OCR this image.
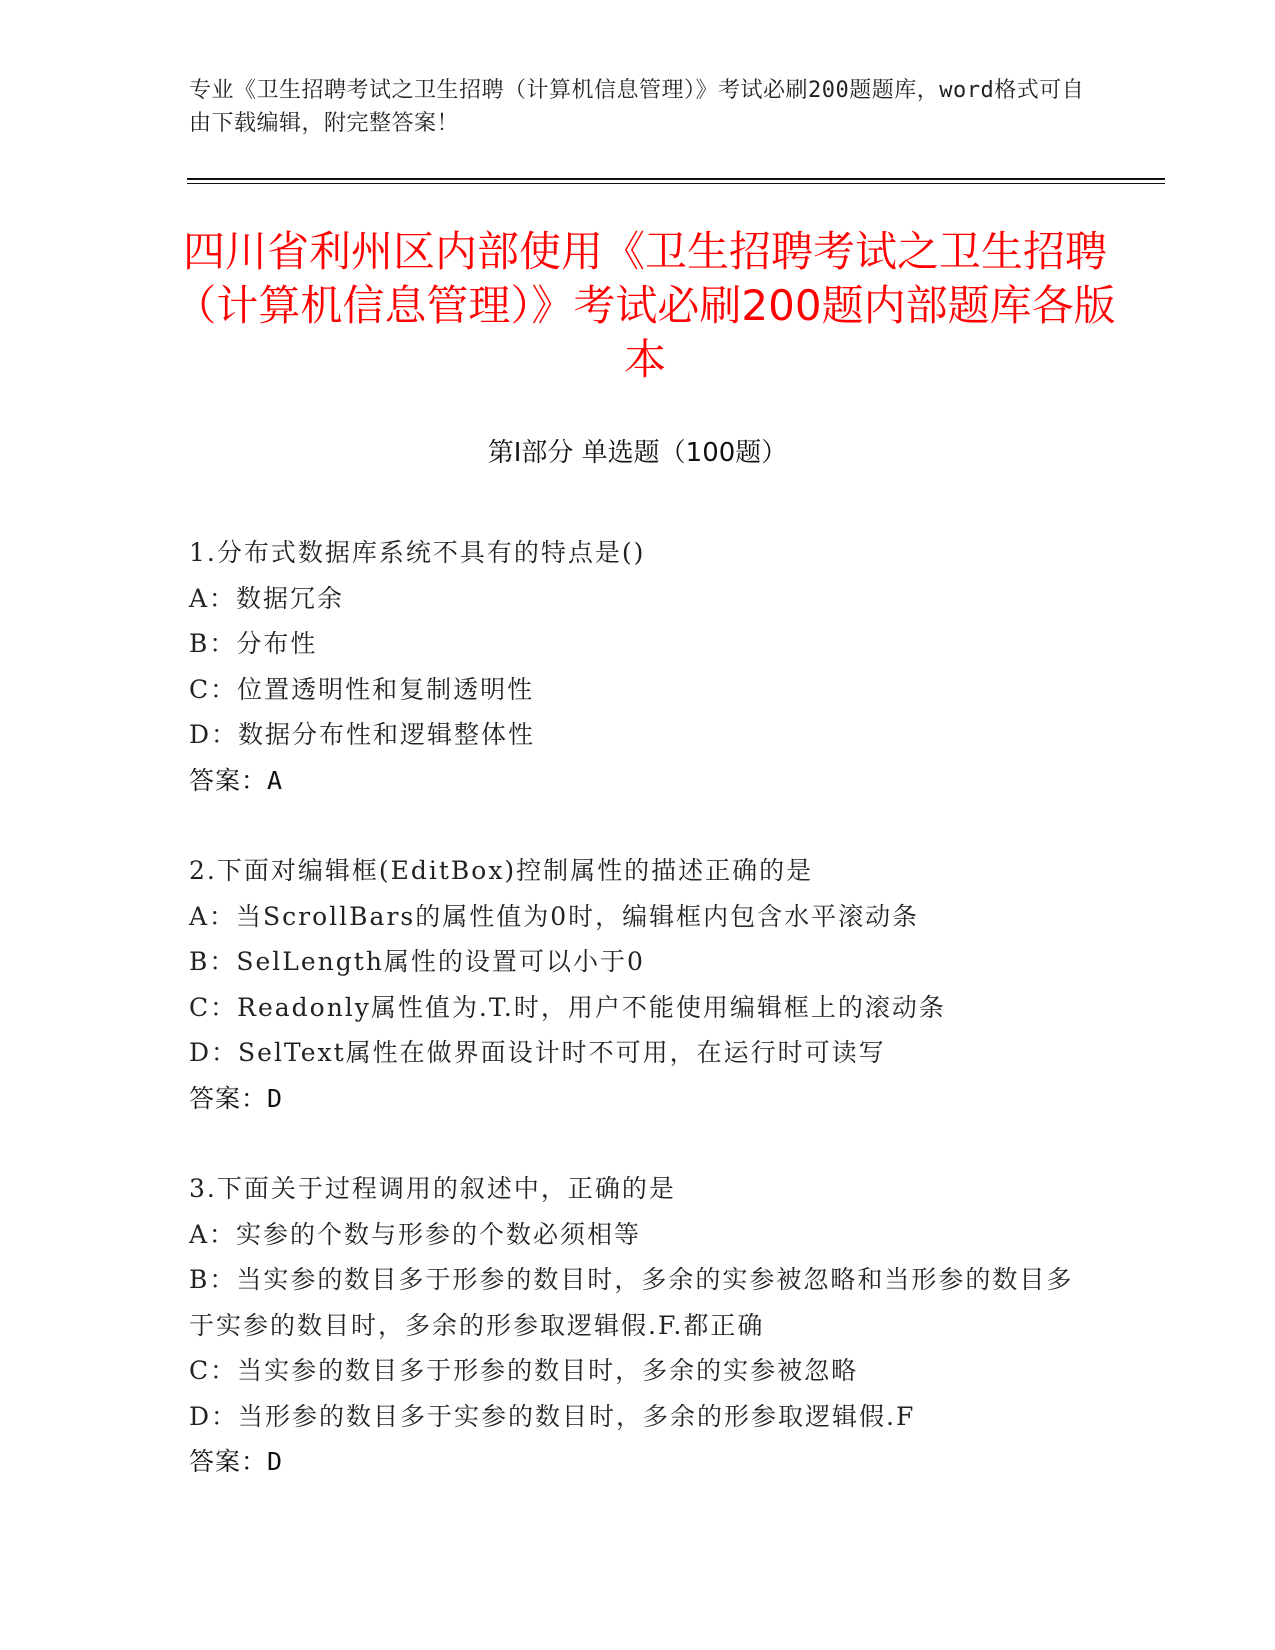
专业《卫生招聘考试之卫生招聘（计算机信息管理）》考试必刷200题题库，word格式可自由下载编辑，附完整答案！
四川省利州区内部使用《卫生招聘考试之卫生招聘（计算机信息管理）》考试必刷200题内部题库各版本
第I部分 单选题（100题）

1.分布式数据库系统不具有的特点是()

A：数据冗余

B：分布性

C：位置透明性和复制透明性

D：数据分布性和逻辑整体性

答案：A

2.下面对编辑框(EditBox)控制属性的描述正确的是

A：当ScrollBars的属性值为0时，编辑框内包含水平滚动条

B：SelLength属性的设置可以小于0

C：Readonly属性值为.T.时，用户不能使用编辑框上的滚动条

D：SelText属性在做界面设计时不可用，在运行时可读写

答案：D

3.下面关于过程调用的叙述中，正确的是

A：实参的个数与形参的个数必须相等

B：当实参的数目多于形参的数目时，多余的实参被忽略和当形参的数目多于实参的数目时，多余的形参取逻辑假.F.都正确

C：当实参的数目多于形参的数目时，多余的实参被忽略

D：当形参的数目多于实参的数目时，多余的形参取逻辑假.F

答案：D
